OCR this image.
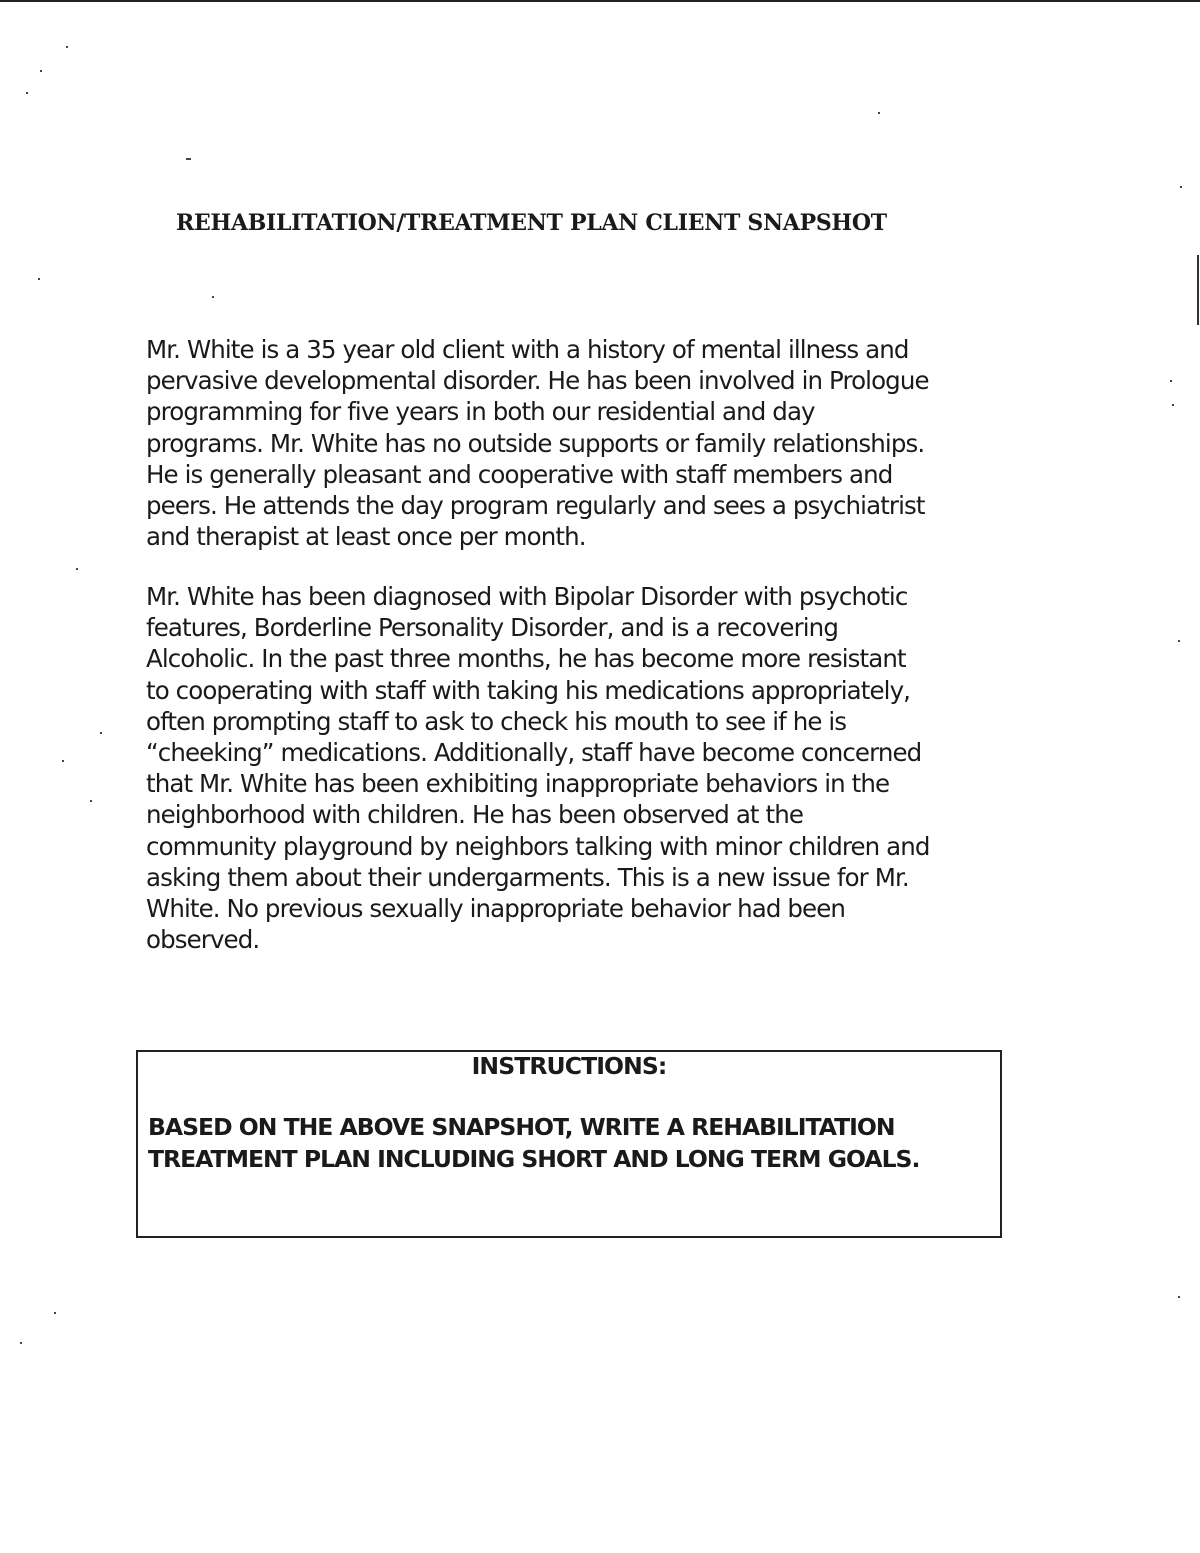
REHABILITATION/TREATMENT PLAN CLIENT SNAPSHOT
Mr. White is a 35 year old client with a history of mental illness and
pervasive developmental disorder. He has been involved in Prologue
programming for five years in both our residential and day
programs. Mr. White has no outside supports or family relationships.
He is generally pleasant and cooperative with staff members and
peers. He attends the day program regularly and sees a psychiatrist
and therapist at least once per month.
Mr. White has been diagnosed with Bipolar Disorder with psychotic
features, Borderline Personality Disorder, and is a recovering
Alcoholic. In the past three months, he has become more resistant
to cooperating with staff with taking his medications appropriately,
often prompting staff to ask to check his mouth to see if he is
“cheeking” medications. Additionally, staff have become concerned
that Mr. White has been exhibiting inappropriate behaviors in the
neighborhood with children. He has been observed at the
community playground by neighbors talking with minor children and
asking them about their undergarments. This is a new issue for Mr.
White. No previous sexually inappropriate behavior had been
observed.
INSTRUCTIONS:
BASED ON THE ABOVE SNAPSHOT, WRITE A REHABILITATION
TREATMENT PLAN INCLUDING SHORT AND LONG TERM GOALS.
